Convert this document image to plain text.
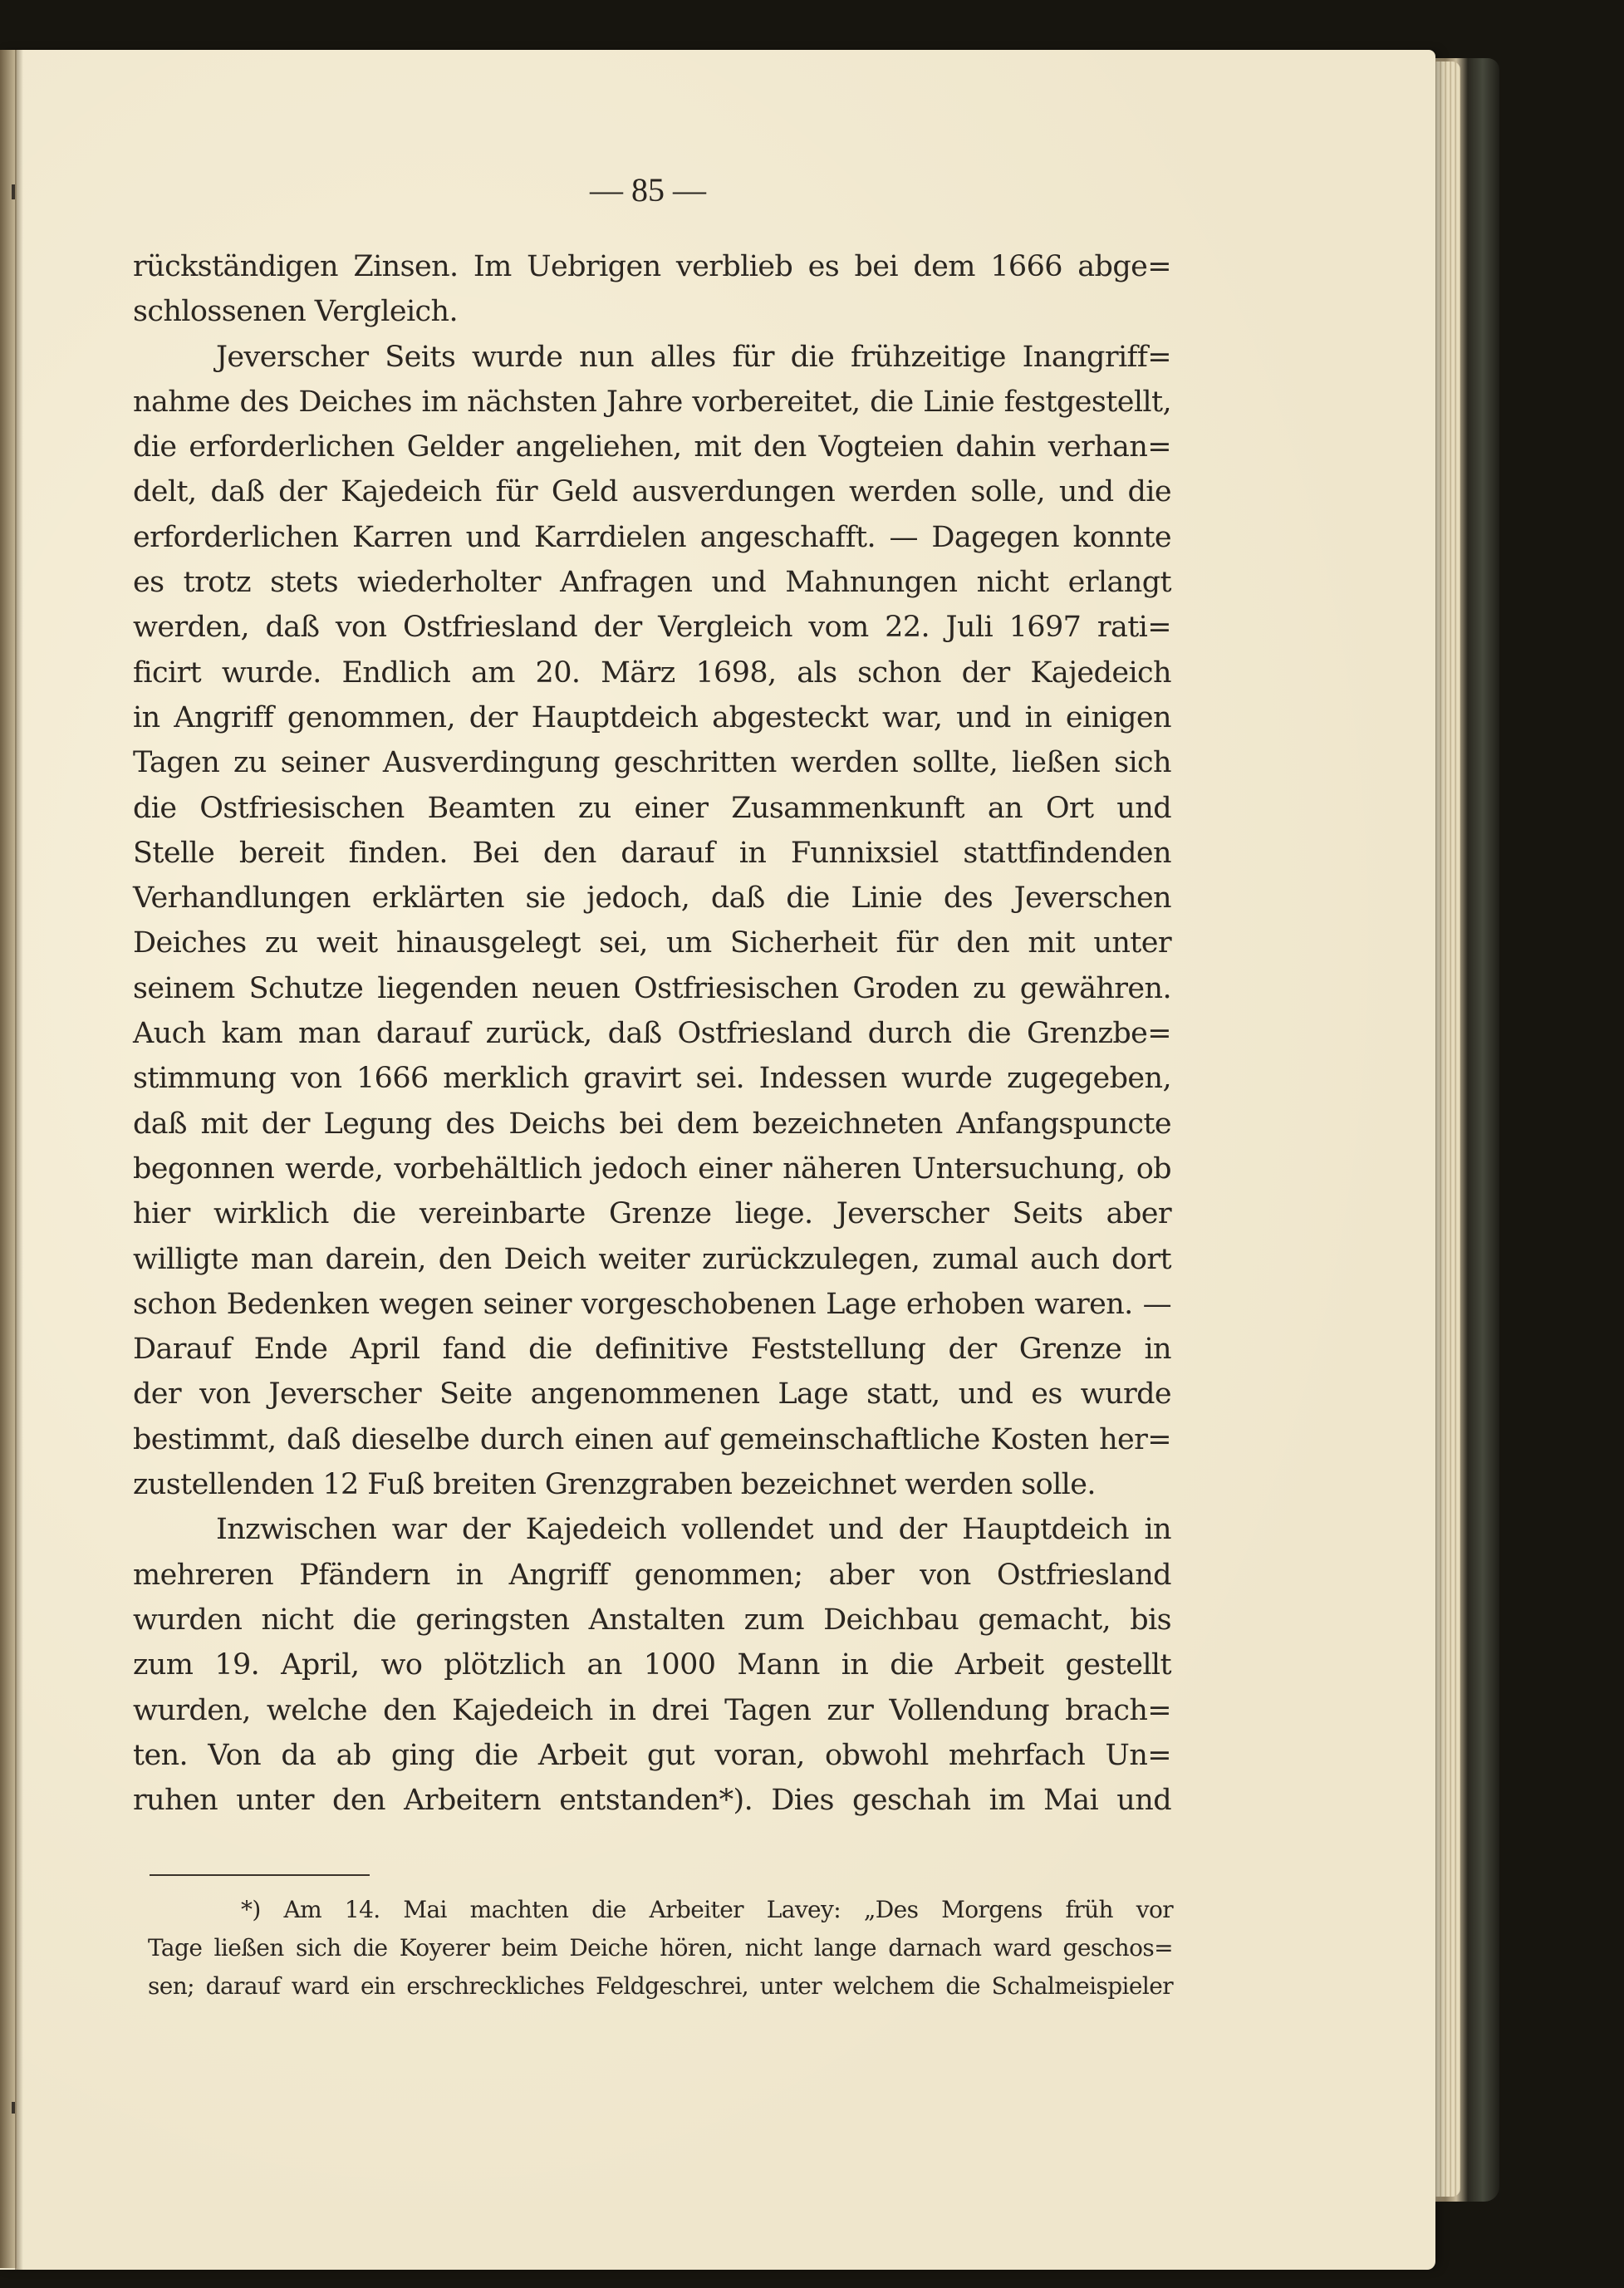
— 85 —
rückständigen Zinsen. Im Uebrigen verblieb es bei dem 1666 abge=
schlossenen Vergleich.
Jeverscher Seits wurde nun alles für die frühzeitige Inangriff=
nahme des Deiches im nächsten Jahre vorbereitet, die Linie festgestellt,
die erforderlichen Gelder angeliehen, mit den Vogteien dahin verhan=
delt, daß der Kajedeich für Geld ausverdungen werden solle, und die
erforderlichen Karren und Karrdielen angeschafft. — Dagegen konnte
es trotz stets wiederholter Anfragen und Mahnungen nicht erlangt
werden, daß von Ostfriesland der Vergleich vom 22. Juli 1697 rati=
ficirt wurde. Endlich am 20. März 1698, als schon der Kajedeich
in Angriff genommen, der Hauptdeich abgesteckt war, und in einigen
Tagen zu seiner Ausverdingung geschritten werden sollte, ließen sich
die Ostfriesischen Beamten zu einer Zusammenkunft an Ort und
Stelle bereit finden. Bei den darauf in Funnixsiel stattfindenden
Verhandlungen erklärten sie jedoch, daß die Linie des Jeverschen
Deiches zu weit hinausgelegt sei, um Sicherheit für den mit unter
seinem Schutze liegenden neuen Ostfriesischen Groden zu gewähren.
Auch kam man darauf zurück, daß Ostfriesland durch die Grenzbe=
stimmung von 1666 merklich gravirt sei. Indessen wurde zugegeben,
daß mit der Legung des Deichs bei dem bezeichneten Anfangspuncte
begonnen werde, vorbehältlich jedoch einer näheren Untersuchung, ob
hier wirklich die vereinbarte Grenze liege. Jeverscher Seits aber
willigte man darein, den Deich weiter zurückzulegen, zumal auch dort
schon Bedenken wegen seiner vorgeschobenen Lage erhoben waren. —
Darauf Ende April fand die definitive Feststellung der Grenze in
der von Jeverscher Seite angenommenen Lage statt, und es wurde
bestimmt, daß dieselbe durch einen auf gemeinschaftliche Kosten her=
zustellenden 12 Fuß breiten Grenzgraben bezeichnet werden solle.
Inzwischen war der Kajedeich vollendet und der Hauptdeich in
mehreren Pfändern in Angriff genommen; aber von Ostfriesland
wurden nicht die geringsten Anstalten zum Deichbau gemacht, bis
zum 19. April, wo plötzlich an 1000 Mann in die Arbeit gestellt
wurden, welche den Kajedeich in drei Tagen zur Vollendung brach=
ten. Von da ab ging die Arbeit gut voran, obwohl mehrfach Un=
ruhen unter den Arbeitern entstanden*). Dies geschah im Mai und
*) Am 14. Mai machten die Arbeiter Lavey: „Des Morgens früh vor
Tage ließen sich die Koyerer beim Deiche hören, nicht lange darnach ward geschos=
sen; darauf ward ein erschreckliches Feldgeschrei, unter welchem die Schalmeispieler
